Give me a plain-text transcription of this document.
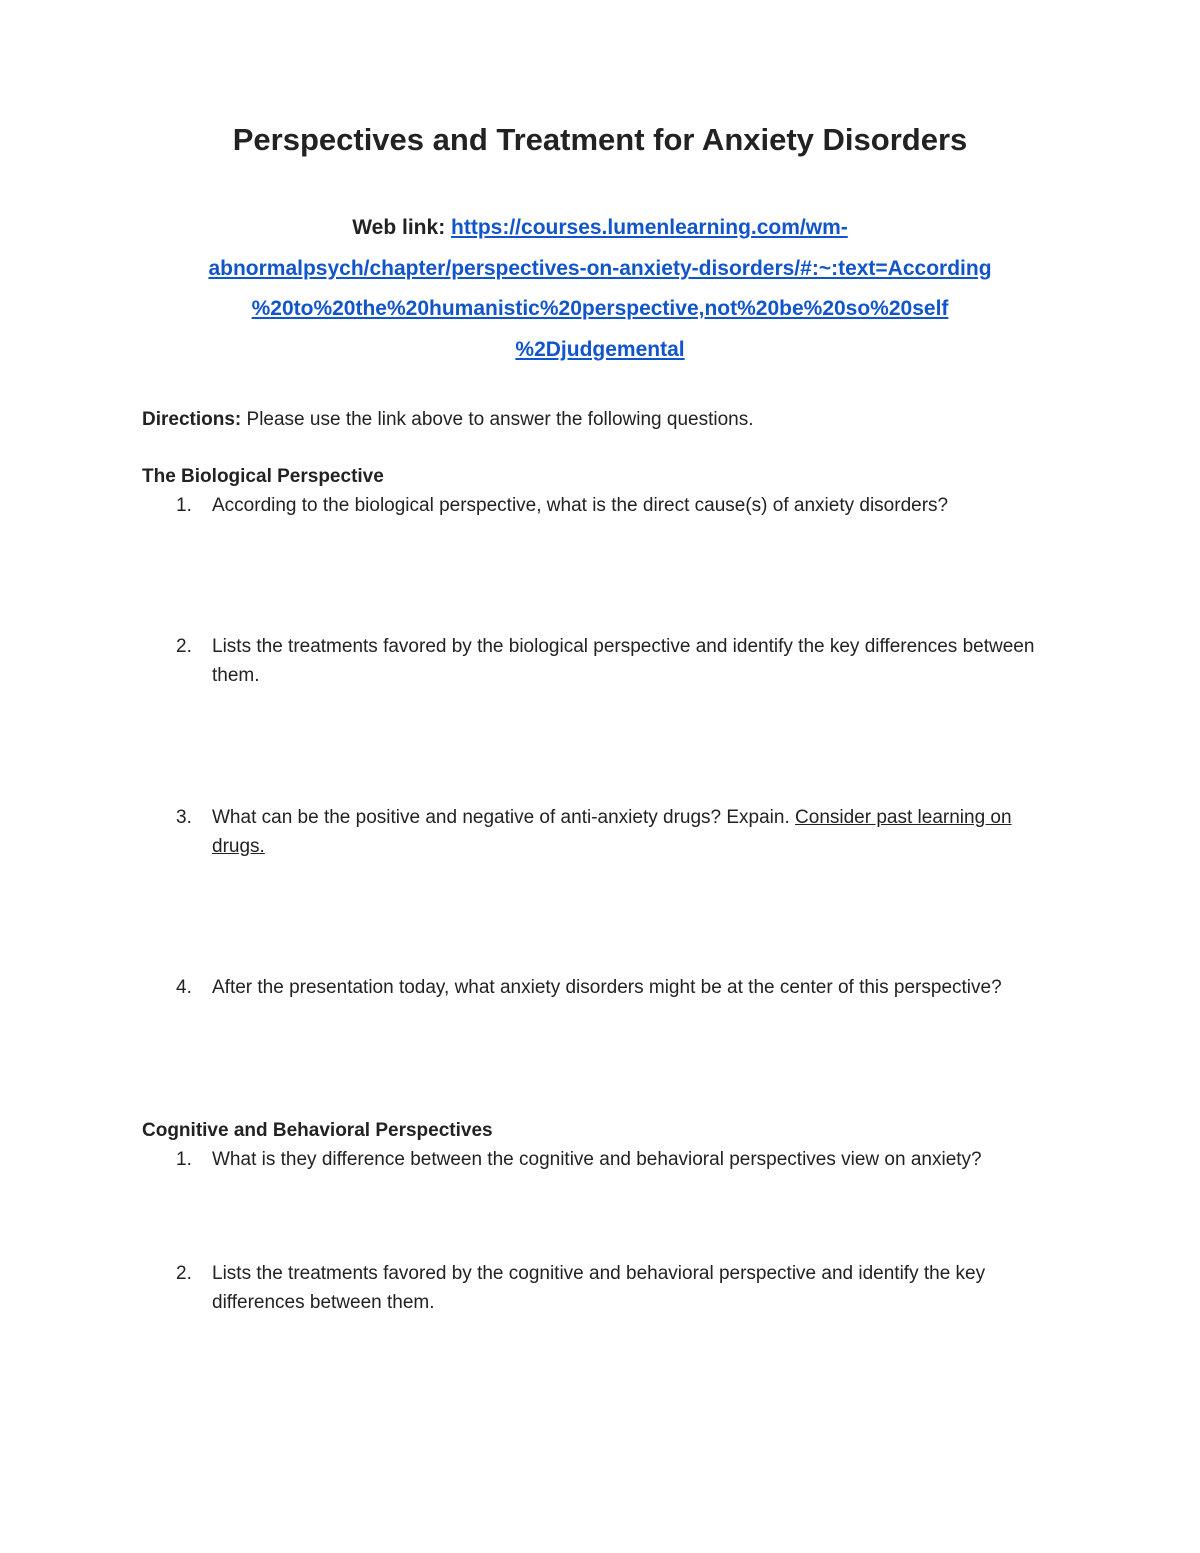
Perspectives and Treatment for Anxiety Disorders
Web link: https://courses.lumenlearning.com/wm-
abnormalpsych/chapter/perspectives-on-anxiety-disorders/#:~:text=According
%20to%20the%20humanistic%20perspective,not%20be%20so%20self
%2Djudgemental

Directions: Please use the link above to answer the following questions.

The Biological Perspective
1. According to the biological perspective, what is the direct cause(s) of anxiety disorders?
2. Lists the treatments favored by the biological perspective and identify the key differences between them.
3. What can be the positive and negative of anti-anxiety drugs? Expain. Consider past learning on drugs.
4. After the presentation today, what anxiety disorders might be at the center of this perspective?
Cognitive and Behavioral Perspectives
1. What is they difference between the cognitive and behavioral perspectives view on anxiety?
2. Lists the treatments favored by the cognitive and behavioral perspective and identify the key differences between them.
